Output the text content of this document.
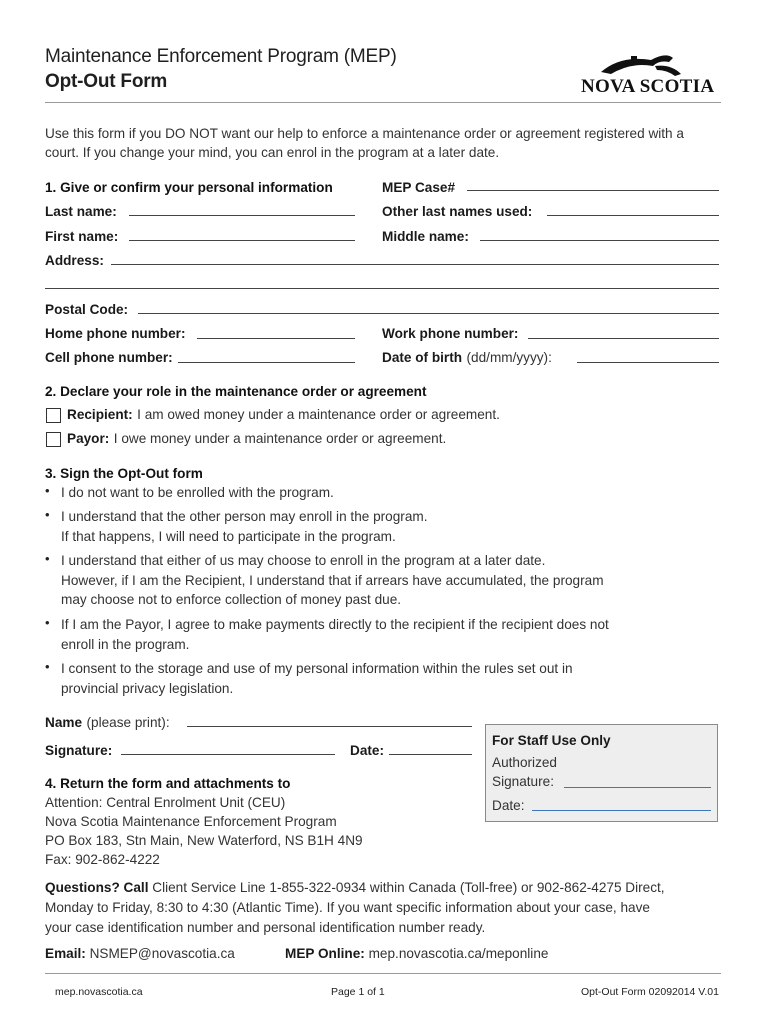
Maintenance Enforcement Program (MEP)
Opt-Out Form	NOVA SCOTIA
Use this form if you DO NOT want our help to enforce a maintenance order or agreement registered with a court. If you change your mind, you can enrol in the program at a later date.
1. Give or confirm your personal information	MEP Case#
Last name:	Other last names used:
First name:	Middle name:
Address:
Postal Code:
Home phone number:	Work phone number:
Cell phone number:	Date of birth (dd/mm/yyyy):
2. Declare your role in the maintenance order or agreement
Recipient: I am owed money under a maintenance order or agreement.
Payor: I owe money under a maintenance order or agreement.
3. Sign the Opt-Out form
• I do not want to be enrolled with the program.
• I understand that the other person may enroll in the program.
If that happens, I will need to participate in the program.
• I understand that either of us may choose to enroll in the program at a later date.
However, if I am the Recipient, I understand that if arrears have accumulated, the program
may choose not to enforce collection of money past due.
• If I am the Payor, I agree to make payments directly to the recipient if the recipient does not
enroll in the program.
• I consent to the storage and use of my personal information within the rules set out in
provincial privacy legislation.
Name (please print):
Signature:	Date:
For Staff Use Only
Authorized
Signature:
Date:
4. Return the form and attachments to
Attention: Central Enrolment Unit (CEU)
Nova Scotia Maintenance Enforcement Program
PO Box 183, Stn Main, New Waterford, NS B1H 4N9
Fax: 902-862-4222
Questions? Call Client Service Line 1-855-322-0934 within Canada (Toll-free) or 902-862-4275 Direct,
Monday to Friday, 8:30 to 4:30 (Atlantic Time). If you want specific information about your case, have
your case identification number and personal identification number ready.
Email: NSMEP@novascotia.ca	MEP Online: mep.novascotia.ca/meponline
mep.novascotia.ca	Page 1 of 1	Opt-Out Form 02092014 V.01
